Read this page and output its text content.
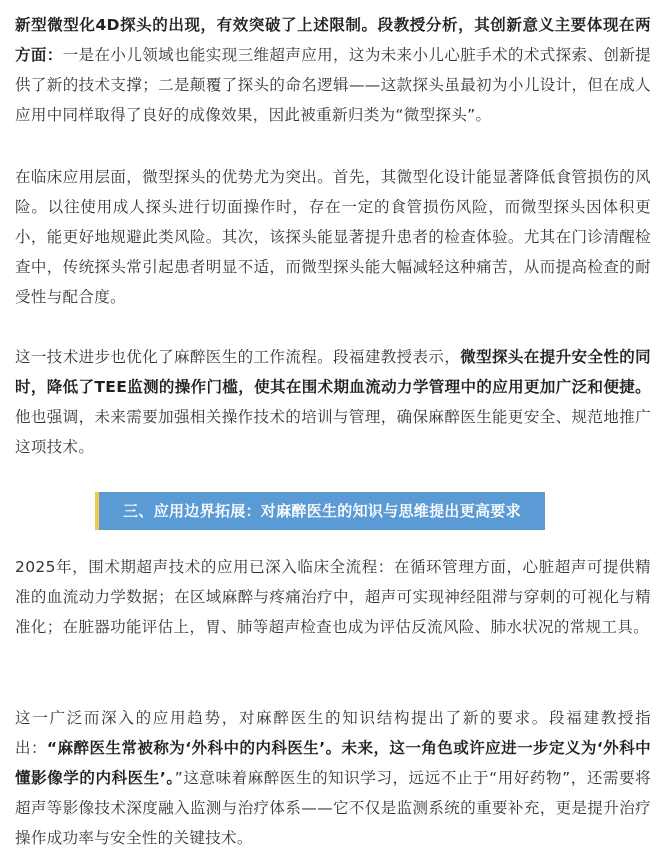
新型微型化4D探头的出现，有效突破了上述限制。段教授分析，其创新意义主要体现在两方面：一是在小儿领域也能实现三维超声应用，这为未来小儿心脏手术的术式探索、创新提供了新的技术支撑；二是颠覆了探头的命名逻辑——这款探头虽最初为小儿设计，但在成人应用中同样取得了良好的成像效果，因此被重新归类为“微型探头”。

在临床应用层面，微型探头的优势尤为突出。首先，其微型化设计能显著降低食管损伤的风险。以往使用成人探头进行切面操作时，存在一定的食管损伤风险，而微型探头因体积更小，能更好地规避此类风险。其次，该探头能显著提升患者的检查体验。尤其在门诊清醒检查中，传统探头常引起患者明显不适，而微型探头能大幅减轻这种痛苦，从而提高检查的耐受性与配合度。

这一技术进步也优化了麻醉医生的工作流程。段福建教授表示，微型探头在提升安全性的同时，降低了TEE监测的操作门槛，使其在围术期血流动力学管理中的应用更加广泛和便捷。他也强调，未来需要加强相关操作技术的培训与管理，确保麻醉医生能更安全、规范地推广这项技术。

2025年，围术期超声技术的应用已深入临床全流程：在循环管理方面，心脏超声可提供精准的血流动力学数据；在区域麻醉与疼痛治疗中，超声可实现神经阻滞与穿刺的可视化与精准化；在脏器功能评估上，胃、肺等超声检查也成为评估反流风险、肺水状况的常规工具。

这一广泛而深入的应用趋势，对麻醉医生的知识结构提出了新的要求。段福建教授指出：“麻醉医生常被称为‘外科中的内科医生’。未来，这一角色或许应进一步定义为‘外科中懂影像学的内科医生’。”这意味着麻醉医生的知识学习，远远不止于“用好药物”，还需要将超声等影像技术深度融入监测与治疗体系——它不仅是监测系统的重要补充，更是提升治疗操作成功率与安全性的关键技术。

三、应用边界拓展：对麻醉医生的知识与思维提出更高要求
